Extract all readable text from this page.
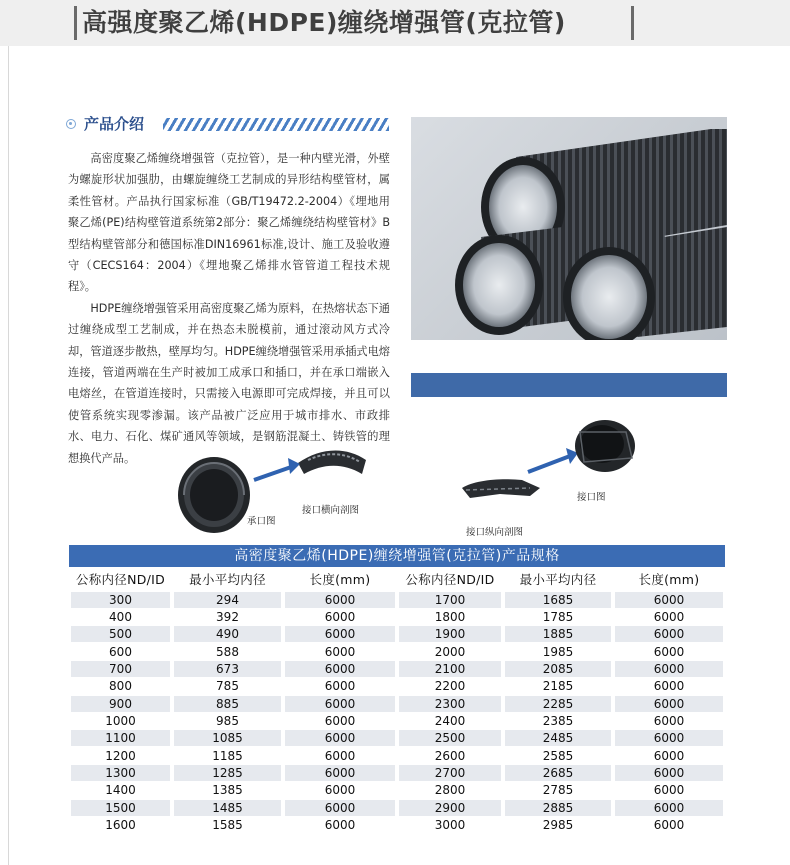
高强度聚乙烯(HDPE)缠绕增强管(克拉管)
产品介绍

高密度聚乙烯缠绕增强管（克拉管），是一种内壁光滑，外壁为螺旋形状加强肋，由螺旋缠绕工艺制成的异形结构壁管材，属柔性管材。产品执行国家标准（GB/T19472.2-2004）《埋地用聚乙烯(PE)结构壁管道系统第2部分：聚乙烯缠绕结构壁管材》B型结构壁管部分和德国标准DIN16961标准,设计、施工及验收遵守（CECS164：2004）《埋地聚乙烯排水管管道工程技术规程》。

HDPE缠绕增强管采用高密度聚乙烯为原料，在热熔状态下通过缠绕成型工艺制成，并在热态未脱模前，通过滚动风方式冷却，管道逐步散热，壁厚均匀。HDPE缠绕增强管采用承插式电熔连接，管道两端在生产时被加工成承口和插口，并在承口端嵌入电熔丝，在管道连接时，只需接入电源即可完成焊接，并且可以使管系统实现零渗漏。该产品被广泛应用于城市排水、市政排水、电力、石化、煤矿通风等领域，是钢筋混凝土、铸铁管的理想换代产品。

承口图
接口横向剖图
接口纵向剖图
接口图
高密度聚乙烯(HDPE)缠绕增强管(克拉管)产品规格
公称内径ND/ID	最小平均内径	长度(mm)	公称内径ND/ID	最小平均内径	长度(mm)

300	294	6000	1700	1685	6000

400	392	6000	1800	1785	6000

500	490	6000	1900	1885	6000

600	588	6000	2000	1985	6000

700	673	6000	2100	2085	6000

800	785	6000	2200	2185	6000

900	885	6000	2300	2285	6000

1000	985	6000	2400	2385	6000

1100	1085	6000	2500	2485	6000

1200	1185	6000	2600	2585	6000

1300	1285	6000	2700	2685	6000

1400	1385	6000	2800	2785	6000

1500	1485	6000	2900	2885	6000

1600	1585	6000	3000	2985	6000
